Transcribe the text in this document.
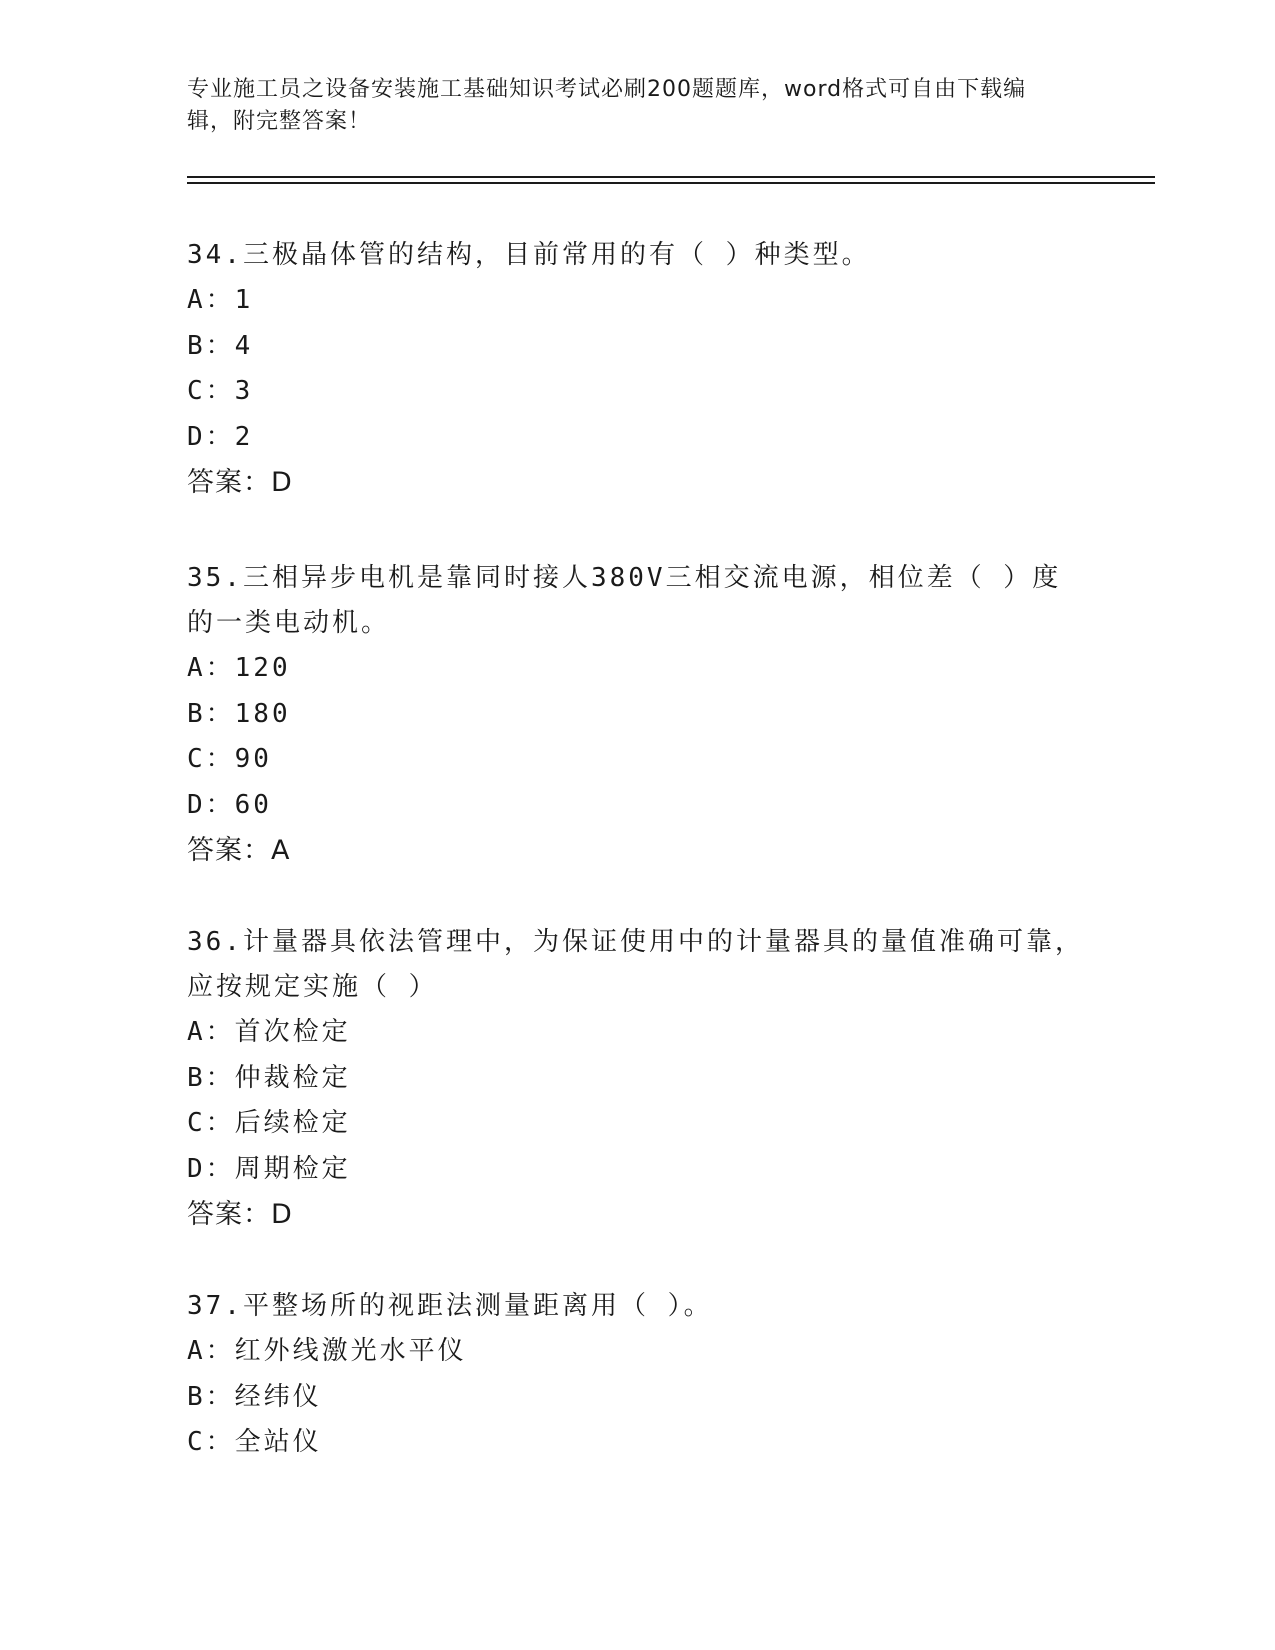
专业施工员之设备安装施工基础知识考试必刷200题题库，word格式可自由下载编辑，附完整答案！
34.三极晶体管的结构，目前常用的有（ ）种类型。
A：1
B：4
C：3
D：2
答案：D
35.三相异步电机是靠同时接人380V三相交流电源，相位差（ ）度的一类电动机。
A：120
B：180
C：90
D：60
答案：A
36.计量器具依法管理中，为保证使用中的计量器具的量值准确可靠，应按规定实施（ ）
A：首次检定
B：仲裁检定
C：后续检定
D：周期检定
答案：D
37.平整场所的视距法测量距离用（ ）。
A：红外线激光水平仪
B：经纬仪
C：全站仪
